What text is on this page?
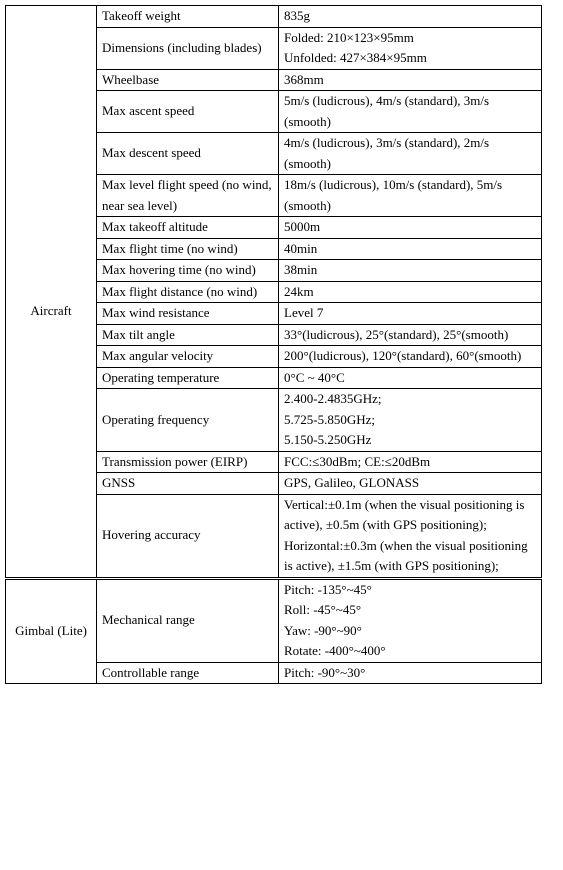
Aircraft	Takeoff weight	835g

	Dimensions (including blades)	Folded: 210×123×95mm
Unfolded: 427×384×95mm

	Wheelbase	368mm

	Max ascent speed	5m/s (ludicrous), 4m/s (standard), 3m/s (smooth)

	Max descent speed	4m/s (ludicrous), 3m/s (standard), 2m/s (smooth)

	Max level flight speed (no wind, near sea level)	18m/s (ludicrous), 10m/s (standard), 5m/s (smooth)

	Max takeoff altitude	5000m

	Max flight time (no wind)	40min

	Max hovering time (no wind)	38min

	Max flight distance (no wind)	24km

	Max wind resistance	Level 7

	Max tilt angle	33°(ludicrous), 25°(standard), 25°(smooth)

	Max angular velocity	200°(ludicrous), 120°(standard), 60°(smooth)

	Operating temperature	0°C ~ 40°C

	Operating frequency	2.400-2.4835GHz;
5.725-5.850GHz;
5.150-5.250GHz

	Transmission power (EIRP)	FCC:≤30dBm; CE:≤20dBm

	GNSS	GPS, Galileo, GLONASS

	Hovering accuracy	Vertical:±0.1m (when the visual positioning is active), ±0.5m (with GPS positioning);
Horizontal:±0.3m (when the visual positioning is active), ±1.5m (with GPS positioning);

Gimbal (Lite)	Mechanical range	Pitch: -135°~45°
Roll: -45°~45°
Yaw: -90°~90°
Rotate: -400°~400°

	Controllable range	Pitch: -90°~30°
